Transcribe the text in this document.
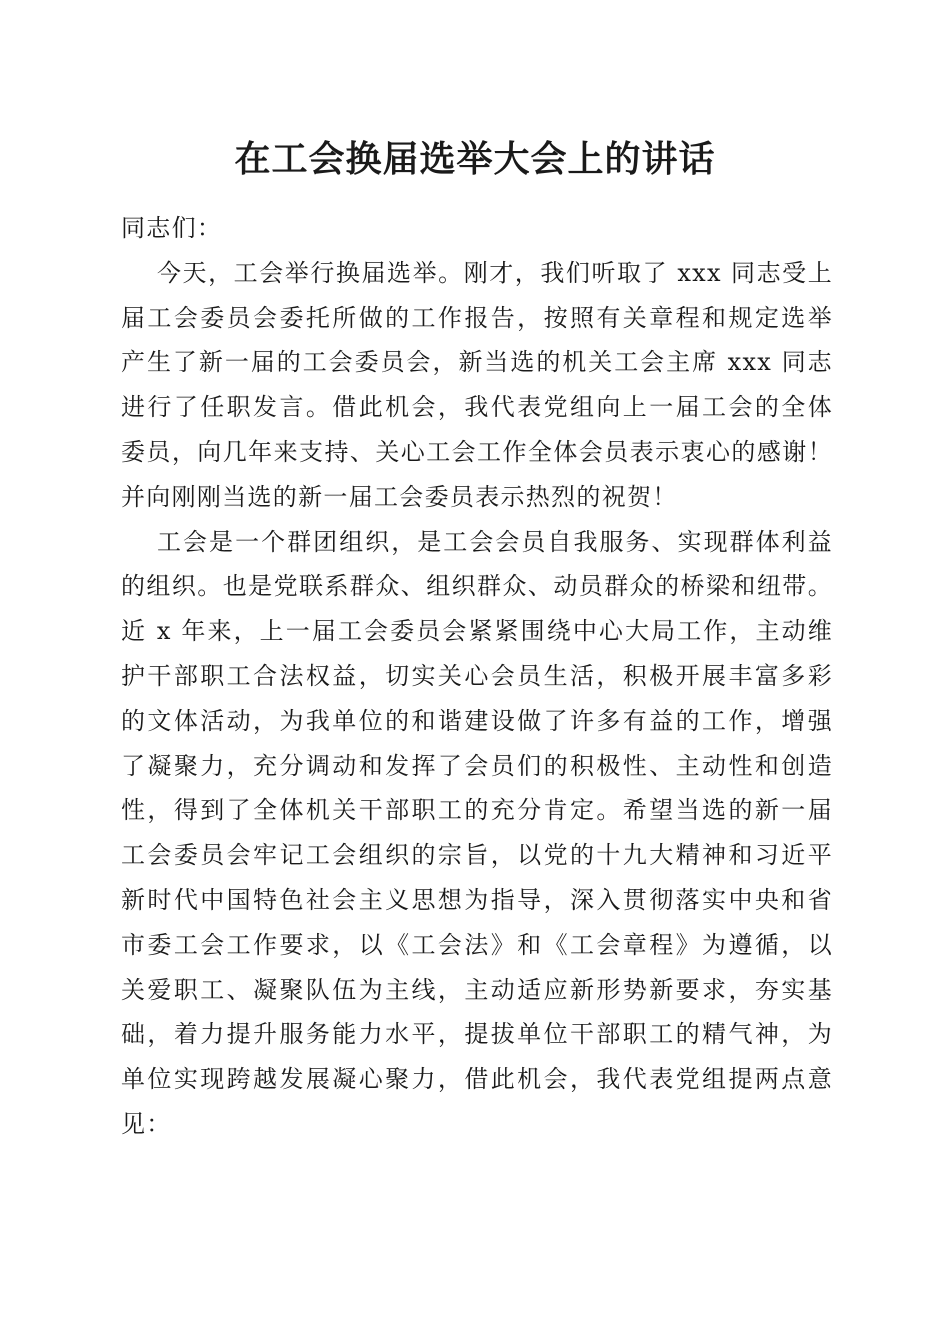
在工会换届选举大会上的讲话
同志们：
今天，工会举行换届选举。刚才，我们听取了 xxx 同志受上
届工会委员会委托所做的工作报告，按照有关章程和规定选举
产生了新一届的工会委员会，新当选的机关工会主席 xxx 同志
进行了任职发言。借此机会，我代表党组向上一届工会的全体
委员，向几年来支持、关心工会工作全体会员表示衷心的感谢！
并向刚刚当选的新一届工会委员表示热烈的祝贺！
工会是一个群团组织，是工会会员自我服务、实现群体利益
的组织。也是党联系群众、组织群众、动员群众的桥梁和纽带。
近 x 年来，上一届工会委员会紧紧围绕中心大局工作，主动维
护干部职工合法权益，切实关心会员生活，积极开展丰富多彩
的文体活动，为我单位的和谐建设做了许多有益的工作，增强
了凝聚力，充分调动和发挥了会员们的积极性、主动性和创造
性，得到了全体机关干部职工的充分肯定。希望当选的新一届
工会委员会牢记工会组织的宗旨，以党的十九大精神和习近平
新时代中国特色社会主义思想为指导，深入贯彻落实中央和省
市委工会工作要求，以《工会法》和《工会章程》为遵循，以
关爱职工、凝聚队伍为主线，主动适应新形势新要求，夯实基
础，着力提升服务能力水平，提拔单位干部职工的精气神，为
单位实现跨越发展凝心聚力，借此机会，我代表党组提两点意
见：
